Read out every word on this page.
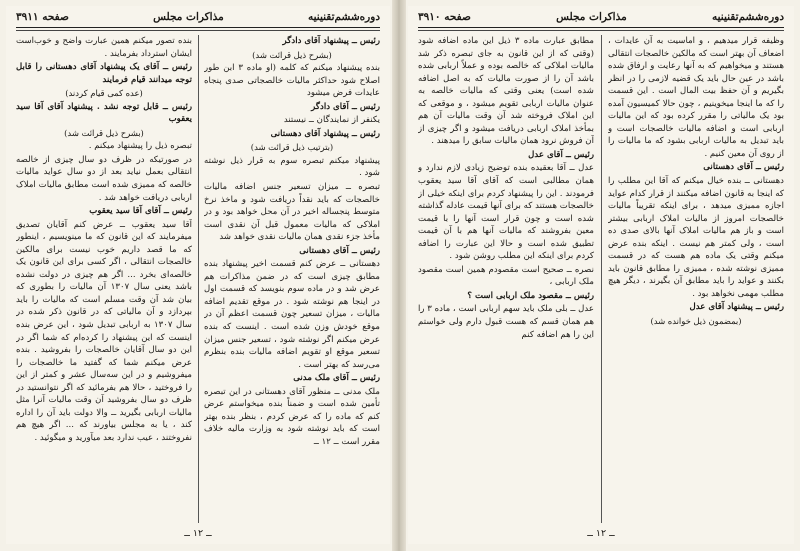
دوره‌ششم‌تقنینیه
مذاکرات مجلس
صفحه ۳۹۱۱

رئیس ــ پیشنهاد آقای دادگر

(بشرح ذیل قرائت شد)

بنده پیشنهاد میکنم که کلمه (او ماده ۳ ابن طور اصلاح شود حداکثر مالیات خالصجاتی صدی پنجاه عایدات فرض میشود

رئیس ــ آقای دادگر

یکنفر از نمایندگان ــ نیستند

رئیس ــ پیشنهاد آقای دهستانی

(بترتیب ذیل قرائت شد)

پیشنهاد میکنم تبصره سوم به قرار ذیل نوشته شود .

تبصره ــ میزان تسعیر جنس اضافه مالیات خالصجات که باید نقداً دریافت شود و ماخذ نرخ متوسط پنجساله اخیر در آن محل خواهد بود و در املاکی که مالیات معمول قبل آن نقدی است مأخذ جزء نقدی همان مالیات نقدی خواهد شد

رئیس ــ آقای دهستانی

دهستانی ــ عرض کنم قسمت اخیر پیشنهاد بنده مطابق چیزی است که در ضمن مذاکرات هم عرض شد و در ماده سوم بنویسد که قسمت اول در اینجا هم نوشته شود . در موقع تقدیم اضافه مالیات ، میزان تسعیر چون قسمت اعظم آن در موقع خودش وزن شده است . اینست که بنده عرض میکنم اگر نوشته شود ، تسعیر جنس میزان تسعیر موقع او تقویم اضافه مالیات بنده بنظرم می‌رسد که بهتر است .

رئیس ــ آقای ملک مدنی

ملک مدنی ــ منظور آقای دهستانی در این تبصره تأمین شده است و ضمناً بنده میخواستم عرض کنم که ماده را که عرض کردم ، بنظر بنده بهتر است که باید نوشته شود به وزارت مالیه خلاف مقرر است ــ ۱۲ ــ

بنده تصور میکنم همین عبارت واضح و خوب‌است ایشان استرداد بفرمایند .

رئیس ــ آقای یک پیشنهاد آقای دهستانی را قابل توجه میدانند قیام فرمایند

(عده کمی قیام کردند)

رئیس ــ قابل توجه نشد . پیشنهاد آقای آقا سید یعقوب

(بشرح ذیل قرائت شد)

تبصره ذیل را پیشنهاد میکنم .

در صورتیکه در ظرف دو سال چیزی از خالصه انتقالی بعمل نیاید بعد از دو سال عواید مالیات خالصه که ممیزی شده است مطابق مالیات املاک اربابی دریافت خواهد شد .

رئیس ــ آقای آقا سید یعقوب

آقا سید یعقوب ــ عرض کنم آقایان تصدیق میفرمایند که این قانون که ما مینویسیم ، اینطور که ما قصد داریم خوب نیست برای مالکین خالصجات انتقالی ، اگر کسی برای این قانون یک خالصه‌ای بخرد ... اگر هم چیزی در دولت نشده باشد یعنی سال ۱۳۰۷ آن مالیات را بطوری که بیان شد آن وقت مسلم است که مالیات را باید بپردازد و آن مالیاتی که در قانون ذکر شده در سال ۱۳۰۷ به اربابی تبدیل شود ، این عرض بنده اینست که این پیشنهاد را کرده‌ام که شما اگر در این دو سال آقایان خالصجات را بفروشید . بنده عرض میکنم شما که گفتید ما خالصجات را میفروشیم و در این سه‌سال عشر و کمتر از این را فروختید ، حالا هم بفرمائید که اگر نتوانستید در ظرف دو سال بفروشید آن وقت مالیات آنرا مثل مالیات اربابی بگیرید ــ والا دولت باید آن را اداره کند ، یا به مجلس بیاورند که ... اگر هیچ هم نفروختند ، عیب ندارد بعد میآورید و میگوئید .

ــ ۱۲ ــ
دوره‌ششم‌تقنینیه
مذاکرات مجلس
صفحه ۳۹۱۰

وظیفه قرار میدهیم ، و اماسیت به آن عایدات ، اضعاف آن بهتر است که مالکین خالصجات انتقالی هستند و میخواهیم که به آنها رعایت و ارفاق شده باشد در عین حال باید یک قضیه لازمی را در انظر بگیریم و آن حفظ بیت المال است . این قسمت را که ما اینجا میخوینیم ، چون حالا کمیسیون آمده بود یک مالیاتی را مقرر کرده بود که این مالیات اربابی است و اضافه مالیات خالصجات است و باید تبدیل به مالیات اربابی بشود که ما مالیات را از روی آن معین کنیم .

رئیس ــ آقای دهستانی

دهستانی ــ بنده خیال میکنم که آقا این مطلب را که اینجا به قانون اضافه میکنند از قرار کدام عواید اجازه ممیزی میدهد ، برای اینکه تقریباً مالیات خالصجات امروز از مالیات املاک اربابی بیشتر است و باز هم مالیات املاک آنها بالای صدی ده است ، ولی کمتر هم نیست . اینکه بنده عرض میکنم وقتی یک ماده هم هست که در قسمت ممیزی نوشته شده ، ممیزی را مطابق قانون باید بکنند و عواید را باید مطابق آن بگیرند ، دیگر هیچ مطلب مهمی نخواهد بود .

رئیس ــ پیشنهاد آقای عدل

(بمضمون ذیل خوانده شد)

مطابق عبارت ماده ۳ ذیل این ماده اضافه شود (وقتی که از این قانون به جای تبصره ذکر شد مالیات املاکی که خالصه بوده و عملاً اربابی شده باشد آن را از صورت مالیات که به اصل اضافه شده است) یعنی وقتی که مالیات خالصه به‌ عنوان مالیات اربابی تقویم میشود ، و موقعی که این املاک فروخته شد آن وقت مالیات آن هم بمأخذ املاک اربابی دریافت میشود و اگر چیزی از آن فروش نرود همان مالیات سابق را میدهند .

رئیس ــ آقای عدل

عدل ــ آقا بعقیده بنده توضیح زیادی لازم ندارد و همان مطالبی است که آقای آقا سید یعقوب فرمودند . این را پیشنهاد کردم برای اینکه خیلی از خالصجات هستند که برای آنها قیمت عادله گذاشته شده است و چون قرار است آنها را با قیمت معین بفروشند که مالیات آنها هم با آن قیمت تطبیق شده است و حالا این عبارت را اضافه کردم برای اینکه این مطلب روشن شود .

نصره ــ صحیح است مقصودم همین است مقصود ملک اربابی ،

رئیس ــ مقصود ملک اربابی است ؟

عدل ــ بلی ملک باید سهم اربابی است ، ماده ۳ را هم همان قسم که هست قبول دارم ولی خواستم این را هم اضافه کنم

ــ ۱۲ ــ
